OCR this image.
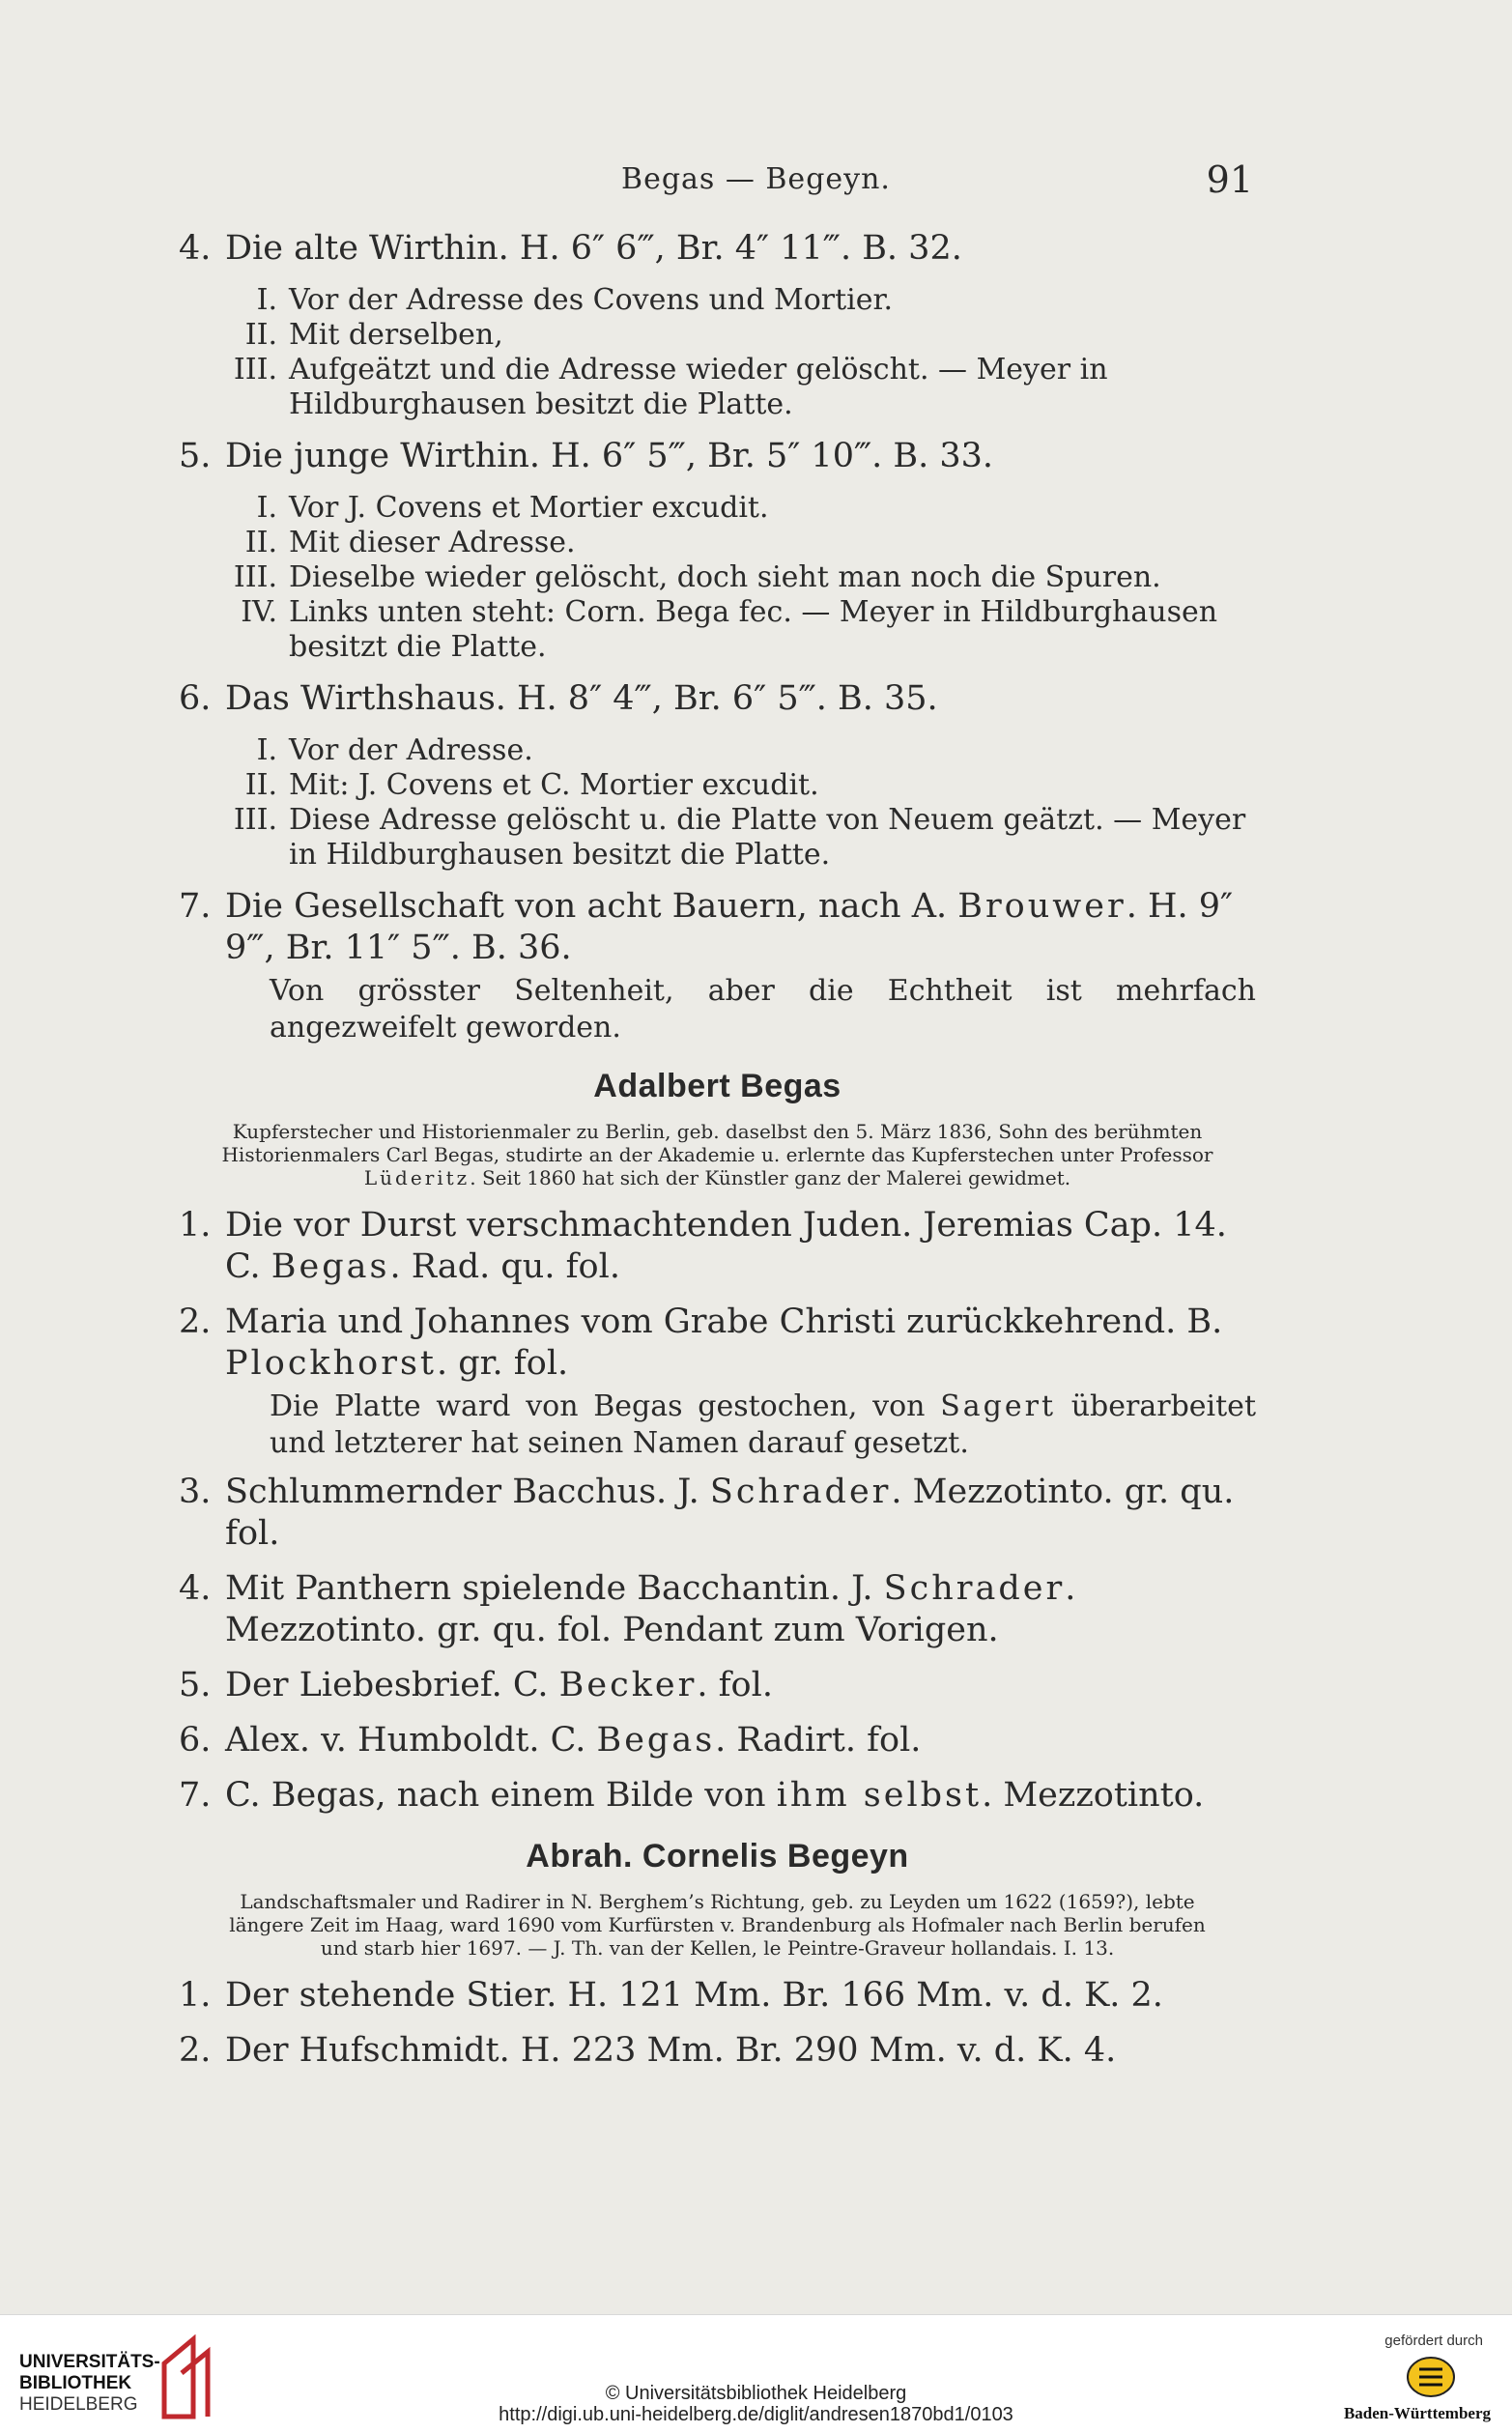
Begas — Begeyn.	91
4. Die alte Wirthin. H. 6″ 6‴, Br. 4″ 11‴. B. 32.
I. Vor der Adresse des Covens und Mortier.
II. Mit derselben,
III. Aufgeätzt und die Adresse wieder gelöscht. — Meyer in Hildburghausen besitzt die Platte.
5. Die junge Wirthin. H. 6″ 5‴, Br. 5″ 10‴. B. 33.
I. Vor J. Covens et Mortier excudit.
II. Mit dieser Adresse.
III. Dieselbe wieder gelöscht, doch sieht man noch die Spuren.
IV. Links unten steht: Corn. Bega fec. — Meyer in Hildburghausen besitzt die Platte.
6. Das Wirthshaus. H. 8″ 4‴, Br. 6″ 5‴. B. 35.
I. Vor der Adresse.
II. Mit: J. Covens et C. Mortier excudit.
III. Diese Adresse gelöscht u. die Platte von Neuem geätzt. — Meyer in Hildburghausen besitzt die Platte.
7. Die Gesellschaft von acht Bauern, nach A. Brouwer. H. 9″ 9‴, Br. 11″ 5‴. B. 36.
Von grösster Seltenheit, aber die Echtheit ist mehrfach angezweifelt geworden.
Adalbert Begas
Kupferstecher und Historienmaler zu Berlin, geb. daselbst den 5. März 1836, Sohn des berühmten Historienmalers Carl Begas, studirte an der Akademie u. erlernte das Kupferstechen unter Professor Lüderitz. Seit 1860 hat sich der Künstler ganz der Malerei gewidmet.
1. Die vor Durst verschmachtenden Juden. Jeremias Cap. 14. C. Begas. Rad. qu. fol.
2. Maria und Johannes vom Grabe Christi zurückkehrend. B. Plockhorst. gr. fol.
Die Platte ward von Begas gestochen, von Sagert überarbeitet und letzterer hat seinen Namen darauf gesetzt.
3. Schlummernder Bacchus. J. Schrader. Mezzotinto. gr. qu. fol.
4. Mit Panthern spielende Bacchantin. J. Schrader. Mezzotinto. gr. qu. fol. Pendant zum Vorigen.
5. Der Liebesbrief. C. Becker. fol.
6. Alex. v. Humboldt. C. Begas. Radirt. fol.
7. C. Begas, nach einem Bilde von ihm selbst. Mezzotinto.
Abrah. Cornelis Begeyn
Landschaftsmaler und Radirer in N. Berghem’s Richtung, geb. zu Leyden um 1622 (1659?), lebte längere Zeit im Haag, ward 1690 vom Kurfürsten v. Brandenburg als Hofmaler nach Berlin berufen und starb hier 1697. — J. Th. van der Kellen, le Peintre-Graveur hollandais. I. 13.
1. Der stehende Stier. H. 121 Mm. Br. 166 Mm. v. d. K. 2.
2. Der Hufschmidt. H. 223 Mm. Br. 290 Mm. v. d. K. 4.
UNIVERSITÄTS-
BIBLIOTHEK
HEIDELBERG
© Universitätsbibliothek Heidelberg
http://digi.ub.uni-heidelberg.de/diglit/andresen1870bd1/0103
gefördert durch
Baden-Württemberg
